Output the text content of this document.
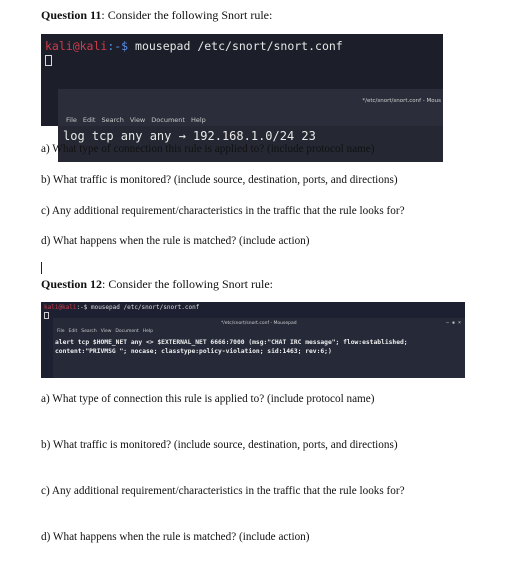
Question 11: Consider the following Snort rule:
kali@kali:-$ mousepad /etc/snort/snort.conf
*/etc/snort/snort.conf - Mous
File Edit Search View Document Help
log tcp any any → 192.168.1.0/24 23
a) What type of connection this rule is applied to? (include protocol name)
b) What traffic is monitored? (include source, destination, ports, and directions)
c) Any additional requirement/characteristics in the traffic that the rule looks for?
d) What happens when the rule is matched? (include action)
Question 12: Consider the following Snort rule:
kali@kali:-$ mousepad /etc/snort/snort.conf
*/etc/snort/snort.conf - Mousepad	– ▪ ×
File Edit Search View Document Help
alert tcp $HOME_NET any <> $EXTERNAL_NET 6666:7000 (msg:"CHAT IRC message"; flow:established;
content:"PRIVMSG "; nocase; classtype:policy-violation; sid:1463; rev:6;)
a) What type of connection this rule is applied to? (include protocol name)
b) What traffic is monitored? (include source, destination, ports, and directions)
c) Any additional requirement/characteristics in the traffic that the rule looks for?
d) What happens when the rule is matched? (include action)
